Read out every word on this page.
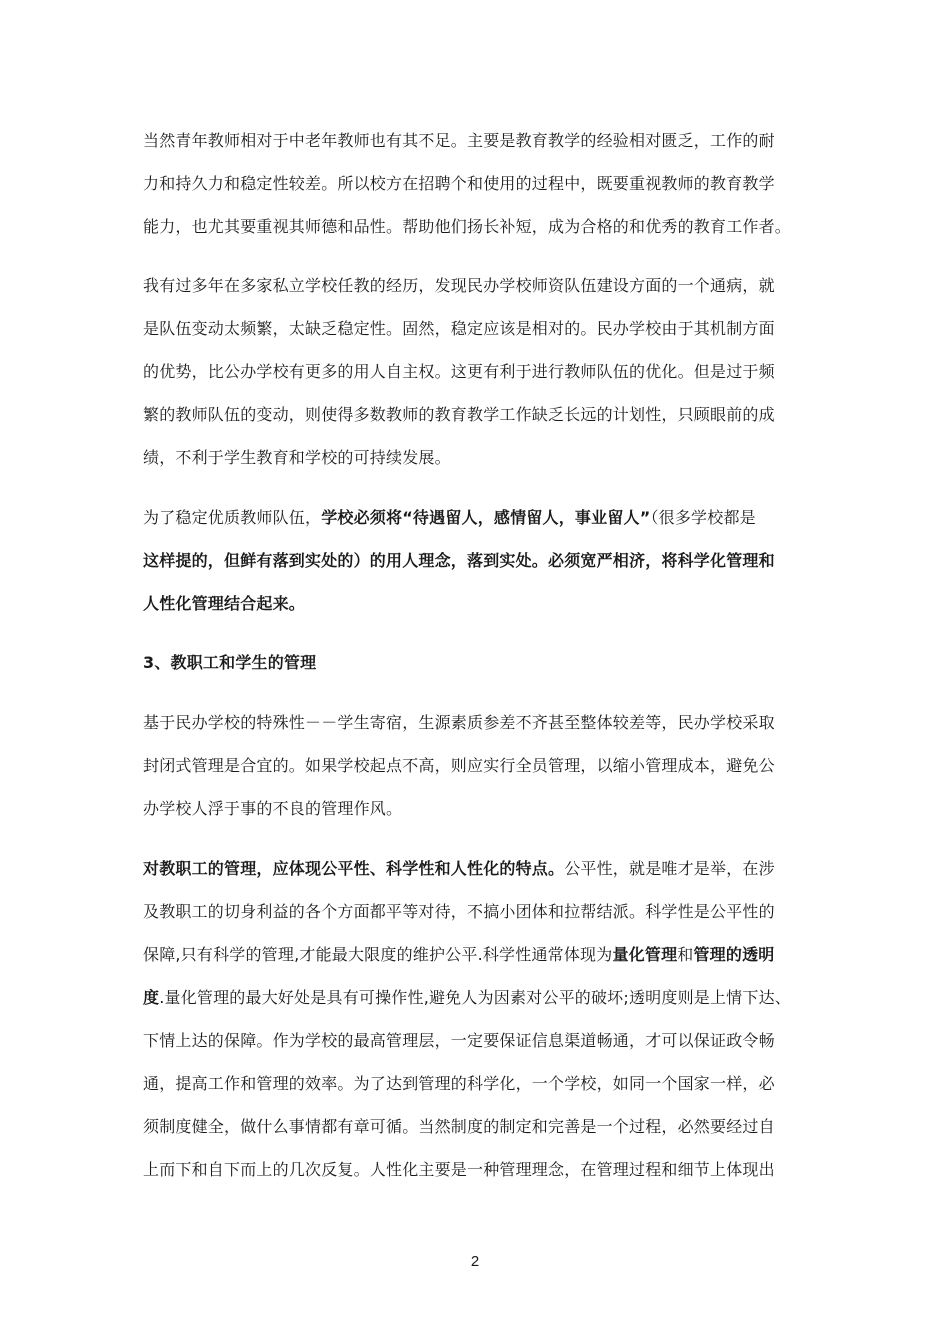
当然青年教师相对于中老年教师也有其不足。主要是教育教学的经验相对匮乏，工作的耐
力和持久力和稳定性较差。所以校方在招聘个和使用的过程中，既要重视教师的教育教学
能力，也尤其要重视其师德和品性。帮助他们扬长补短，成为合格的和优秀的教育工作者。
我有过多年在多家私立学校任教的经历，发现民办学校师资队伍建设方面的一个通病，就
是队伍变动太频繁，太缺乏稳定性。固然，稳定应该是相对的。民办学校由于其机制方面
的优势，比公办学校有更多的用人自主权。这更有利于进行教师队伍的优化。但是过于频
繁的教师队伍的变动，则使得多数教师的教育教学工作缺乏长远的计划性，只顾眼前的成
绩，不利于学生教育和学校的可持续发展。
为了稳定优质教师队伍，学校必须将“待遇留人，感情留人，事业留人”（很多学校都是
这样提的，但鲜有落到实处的）的用人理念，落到实处。必须宽严相济，将科学化管理和
人性化管理结合起来。
3、教职工和学生的管理
基于民办学校的特殊性－－学生寄宿，生源素质参差不齐甚至整体较差等，民办学校采取
封闭式管理是合宜的。如果学校起点不高，则应实行全员管理，以缩小管理成本，避免公
办学校人浮于事的不良的管理作风。
对教职工的管理，应体现公平性、科学性和人性化的特点。公平性，就是唯才是举，在涉
及教职工的切身利益的各个方面都平等对待，不搞小团体和拉帮结派。科学性是公平性的
保障,只有科学的管理,才能最大限度的维护公平.科学性通常体现为量化管理和管理的透明
度.量化管理的最大好处是具有可操作性,避免人为因素对公平的破坏;透明度则是上情下达、
下情上达的保障。作为学校的最高管理层，一定要保证信息渠道畅通，才可以保证政令畅
通，提高工作和管理的效率。为了达到管理的科学化，一个学校，如同一个国家一样，必
须制度健全，做什么事情都有章可循。当然制度的制定和完善是一个过程，必然要经过自
上而下和自下而上的几次反复。人性化主要是一种管理理念，在管理过程和细节上体现出
2
